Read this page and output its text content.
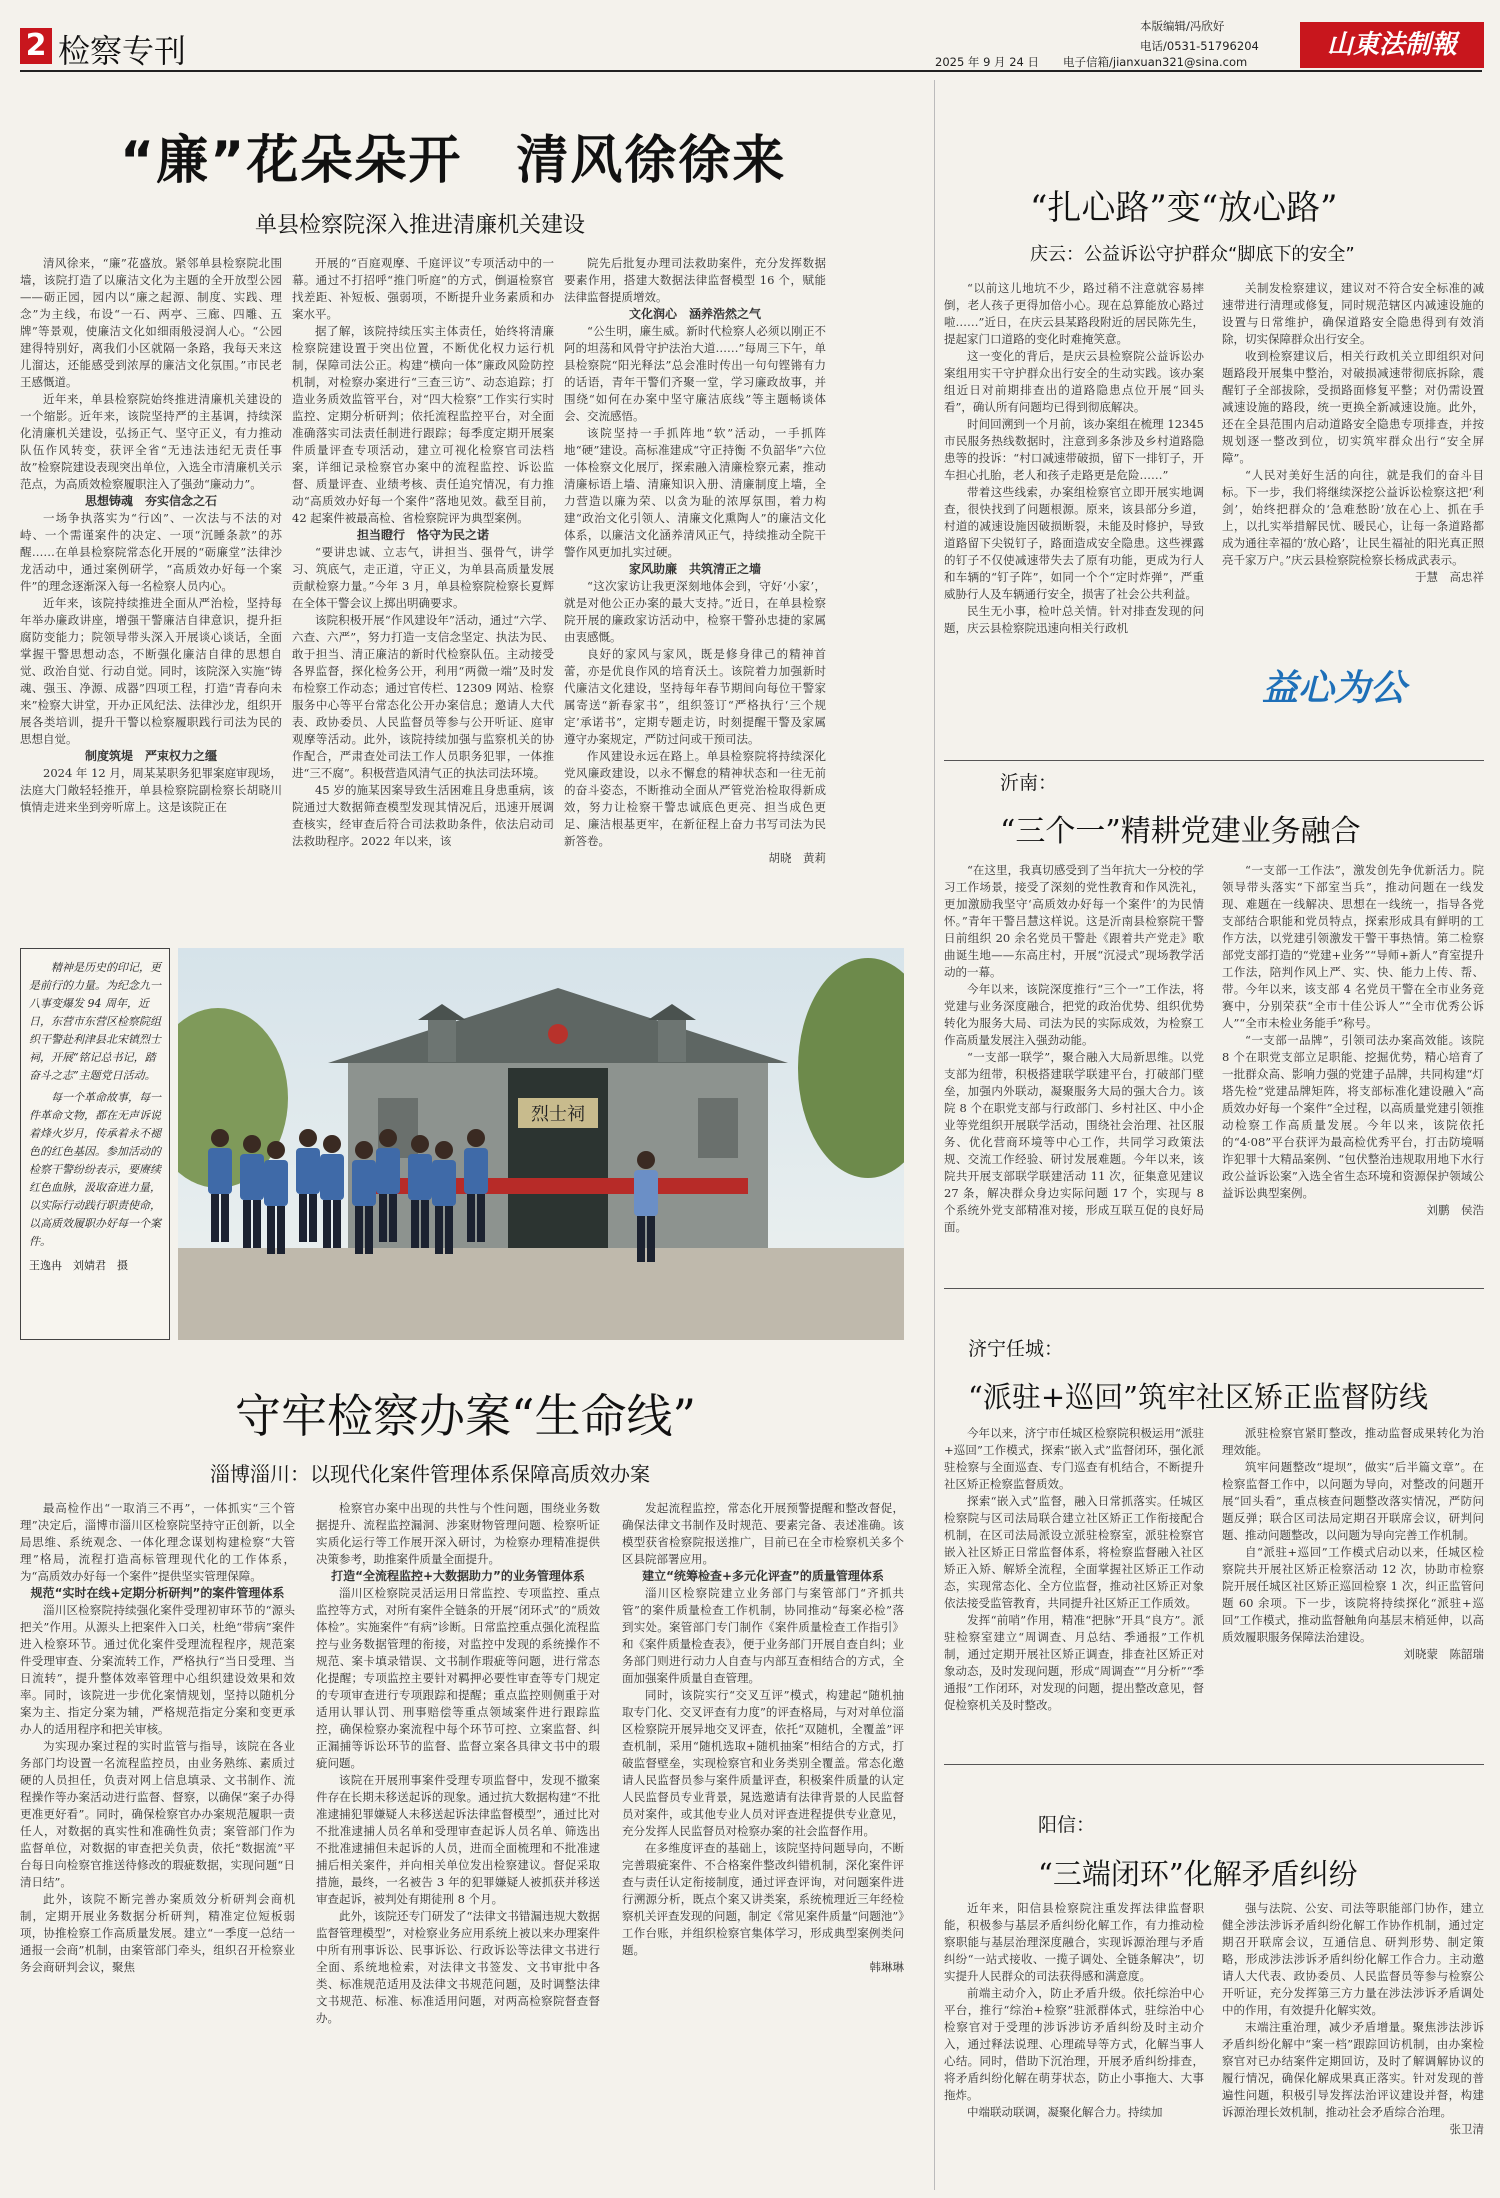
2 检察专刊
本版编辑/冯欣好
电话/0531-51796204
2025 年 9 月 24 日 电子信箱/jianxuan321@sina.com
山東法制報
“廉”花朵朵开　清风徐徐来
单县检察院深入推进清廉机关建设

清风徐来，“廉”花盛放。紧邻单县检察院北围墙，该院打造了以廉洁文化为主题的全开放型公园——砺正园，园内以“廉之起源、制度、实践、理念”为主线，布设“一石、两亭、三廊、四雕、五牌”等景观，使廉洁文化如细雨般浸润人心。“公园建得特别好，离我们小区就隔一条路，我每天来这儿溜达，还能感受到浓厚的廉洁文化氛围。”市民老王感慨道。

近年来，单县检察院始终推进清廉机关建设的一个缩影。近年来，该院坚持严的主基调，持续深化清廉机关建设，弘扬正气、坚守正义，有力推动队伍作风转变，获评全省“无违法违纪无责任事故”检察院建设表现突出单位，入选全市清廉机关示范点，为高质效检察履职注入了强劲“廉动力”。

思想铸魂　夯实信念之石

一场争执落实为“行凶”、一次法与不法的对峙、一个需谨案件的决定、一项“沉睡条款”的苏醒……在单县检察院常态化开展的“砺廉堂”法律沙龙活动中，通过案例研学，“高质效办好每一个案件”的理念逐渐深入每一名检察人员内心。

近年来，该院持续推进全面从严治检，坚持每年举办廉政讲座，增强干警廉洁自律意识，提升拒腐防变能力；院领导带头深入开展谈心谈话，全面掌握干警思想动态，不断强化廉洁自律的思想自觉、政治自觉、行动自觉。同时，该院深入实施“铸魂、强玉、净源、成器”四项工程，打造“青春向未来”检察大讲堂，开办正风纪法、法律沙龙，组织开展各类培训，提升干警以检察履职践行司法为民的思想自觉。

制度筑堤　严束权力之缰

2024 年 12 月，周某某职务犯罪案庭审现场，法庭大门敞轻轻推开，单县检察院副检察长胡晓川慎情走进来坐到旁听席上。这是该院正在

开展的“百庭观摩、千庭评议”专项活动中的一幕。通过不打招呼“推门听庭”的方式，倒逼检察官找差距、补短板、强弱项，不断提升业务素质和办案水平。

据了解，该院持续压实主体责任，始终将清廉检察院建设置于突出位置，不断优化权力运行机制，保障司法公正。构建“横向一体”廉政风险防控机制，对检察办案进行“三查三访”、动态追踪；打造业务质效监管平台，对“四大检察”工作实行实时监控、定期分析研判；依托流程监控平台，对全面准确落实司法责任制进行跟踪；每季度定期开展案件质量评查专项活动，建立可视化检察官司法档案，详细记录检察官办案中的流程监控、诉讼监督、质量评查、业绩考核、责任追究情况，有力推动“高质效办好每一个案件”落地见效。截至目前，42 起案件被最高检、省检察院评为典型案例。

担当瞪行　恪守为民之诺

“要讲忠诚、立志气，讲担当、强骨气，讲学习、筑底气，走正道，守正义，为单县高质量发展贡献检察力量。”今年 3 月，单县检察院检察长夏辉在全体干警会议上掷出明确要求。

该院积极开展“作风建设年”活动，通过“六学、六查、六严”，努力打造一支信念坚定、执法为民、敢于担当、清正廉洁的新时代检察队伍。主动接受各界监督，探化检务公开，利用“两微一端”及时发布检察工作动态；通过官传栏、12309 网站、检察服务中心等平台常态化公开办案信息；邀请人大代表、政协委员、人民监督员等参与公开听证、庭审观摩等活动。此外，该院持续加强与监察机关的协作配合，严肃查处司法工作人员职务犯罪，一体推进“三不腐”。积极营造风清气正的执法司法环境。

45 岁的施某因案导致生活困难且身患重病，该院通过大数据筛查模型发现其情况后，迅速开展调查核实，经审查后符合司法救助条件，依法启动司法救助程序。2022 年以来，该

院先后批复办理司法救助案件，充分发挥数据要素作用，搭建大数据法律监督模型 16 个，赋能法律监督提质增效。

文化润心　涵养浩然之气

“公生明，廉生威。新时代检察人必须以刚正不阿的坦荡和风骨守护法治大道……”每周三下午，单县检察院“阳光释法”总会准时传出一句句铿锵有力的话语，青年干警们齐聚一堂，学习廉政故事，并围绕“如何在办案中坚守廉洁底线”等主题畅谈体会、交流感悟。

该院坚持一手抓阵地“软”活动，一手抓阵地“硬”建设。高标准建成“守正持衡 不负韶华”六位一体检察文化展厅，探索融入清廉检察元素，推动清廉标语上墙、清廉知识入册、清廉制度上墙，全力营造以廉为荣、以贪为耻的浓厚氛围，着力构建“政治文化引领人、清廉文化熏陶人”的廉洁文化体系，以廉洁文化涵养清风正气，持续推动全院干警作风更加扎实过硬。

家风助廉　共筑清正之墙

“这次家访让我更深刻地体会到，守好‘小家’，就是对他公正办案的最大支持。”近日，在单县检察院开展的廉政家访活动中，检察干警孙忠捷的家属由衷感慨。

良好的家风与家风，既是修身律己的精神首蕾，亦是优良作风的培育沃土。该院着力加强新时代廉洁文化建设，坚持每年春节期间向每位干警家属寄送“新春家书”，组织签订“严格执行‘三个规定’承诺书”，定期专题走访，时刻提醒干警及家属遵守办案规定，严防过问或干预司法。

作风建设永远在路上。单县检察院将持续深化党风廉政建设，以永不懈怠的精神状态和一往无前的奋斗姿态，不断推动全面从严管党治检取得新成效，努力让检察干警忠诚底色更亮、担当成色更足、廉洁根基更牢，在新征程上奋力书写司法为民新答卷。

胡晓　黄莉

精神是历史的印记，更是前行的力量。为纪念九一八事变爆发 94 周年，近日，东营市东营区检察院组织干警赴利津县北宋镇烈士祠，开展“铭记总书记，踏奋斗之志”主题党日活动。
每一个革命故事，每一件革命文物，都在无声诉说着烽火岁月，传承着永不褪色的红色基因。参加活动的检察干警纷纷表示，要赓续红色血脉，汲取奋进力量，以实际行动践行职责使命，以高质效履职办好每一个案件。
王逸冉　刘婧君　摄
烈士祠
守牢检察办案“生命线”
淄博淄川：以现代化案件管理体系保障高质效办案

最高检作出“一取消三不再”，一体抓实“三个管理”决定后，淄博市淄川区检察院坚持守正创新，以全局思维、系统观念、一体化理念谋划构建检察“大管理”格局，流程打造高标管理现代化的工作体系，为“高质效办好每一个案件”提供坚实管理保障。

规范“实时在线+定期分析研判”的案件管理体系

淄川区检察院持续强化案件受理初审环节的“源头把关”作用。从源头上把案件入口关，杜绝“带病”案件进入检察环节。通过优化案件受理流程程序，规范案件受理审查、分案流转工作，严格执行“当日受理、当日流转”，提升整体效率管理中心组织建设效果和效率。同时，该院进一步优化案情规划，坚持以随机分案为主、指定分案为辅，严格规范指定分案和变更承办人的适用程序和把关审核。

为实现办案过程的实时监管与指导，该院在各业务部门均设置一名流程监控员，由业务熟练、素质过硬的人员担任，负责对网上信息填录、文书制作、流程操作等办案活动进行监督、督察，以确保“案子办得更准更好看”。同时，确保检察官办办案规范履职一责任人，对数据的真实性和准确性负责；案管部门作为监督单位，对数据的审查把关负责，依托“数据流”平台每日向检察官推送待修改的瑕疵数据，实现问题“日清日结”。

此外，该院不断完善办案质效分析研判会商机制，定期开展业务数据分析研判，精准定位短板弱项，协推检察工作高质量发展。建立“一季度一总结一通报一会商”机制，由案管部门牵头，组织召开检察业务会商研判会议，聚焦

检察官办案中出现的共性与个性问题，围绕业务数据提升、流程监控漏洞、涉案财物管理问题、检察听证实质化运行等工作展开深入研讨，为检察办理精准提供决策参考，助推案件质量全面提升。

打造“全流程监控+大数据助力”的业务管理体系

淄川区检察院灵活运用日常监控、专项监控、重点监控等方式，对所有案件全链条的开展“闭环式”的“质效体检”。实施案件“有病”诊断。日常监控重点强化流程监控与业务数据管理的衔接，对监控中发现的系统操作不规范、案卡填录错误、文书制作瑕疵等问题，进行常态化提醒；专项监控主要针对羁押必要性审查等专门规定的专项审查进行专项跟踪和提醒；重点监控则侧重于对适用认罪认罚、刑事赔偿等重点领域案件进行跟踪监控，确保检察办案流程中每个环节可控、立案监督、纠正漏捕等诉讼环节的监督、监督立案各具律文书中的瑕疵问题。

该院在开展刑事案件受理专项监督中，发现不撤案件存在长期未移送起诉的现象。通过抗大数据构建“不批准逮捕犯罪嫌疑人未移送起诉法律监督模型”，通过比对不批准逮捕人员名单和受理审查起诉人员名单、筛选出不批准逮捕但未起诉的人员，进而全面梳理和不批准逮捕后相关案件，并向相关单位发出检察建议。督促采取措施，最终，一名被告 3 年的犯罪嫌疑人被抓获并移送审查起诉，被判处有期徒刑 8 个月。

此外，该院还专门研发了“法律文书错漏违规大数据监督管理模型”，对检察业务应用系统上被以来办理案件中所有刑事诉讼、民事诉讼、行政诉讼等法律文书进行全面、系统地检索，对法律文书签发、文书审批中各类、标准规范适用及法律文书规范问题，及时调整法律文书规范、标准、标准适用问题，对两高检察院督查督办。

发起流程监控，常态化开展预警提醒和整改督促，确保法律文书制作及时规范、要素完备、表述准确。该模型获省检察院报送推广，目前已在全市检察机关多个区县院部署应用。

建立“统筹检查+多元化评查”的质量管理体系

淄川区检察院建立业务部门与案管部门“齐抓共管”的案件质量检查工作机制，协同推动“每案必检”落到实处。案管部门专门制作《案件质量检查工作指引》和《案件质量检查表》，便于业务部门开展自查自纠；业务部门则进行动力人自查与内部互查相结合的方式，全面加强案件质量自查管理。

同时，该院实行“交叉互评”模式，构建起“随机抽取专门化、交叉评查有力度”的评查格局，与对对单位淄区检察院开展异地交叉评查，依托“双随机，全覆盖”评查机制，采用“随机选取+随机抽案”相结合的方式，打破监督壁垒，实现检察官和业务类别全覆盖。常态化邀请人民监督员参与案件质量评查，积极案件质量的认定人民监督员专业背景，晁选邀请有法律背景的人民监督员对案件，或其他专业人员对评查进程提供专业意见，充分发挥人民监督员对检察办案的社会监督作用。

在多维度评查的基础上，该院坚持问题导向，不断完善瑕疵案件、不合格案件整改纠错机制，深化案件评查与责任认定衔接制度，通过评查评询，对问题案件进行溯源分析，既点个案又讲类案，系统梳理近三年经检察机关评查发现的问题，制定《常见案件质量“问题池”》工作台账，并组织检察官集体学习，形成典型案例类问题。

韩琳琳

“扎心路”变“放心路”
庆云：公益诉讼守护群众“脚底下的安全”

“以前这儿地坑不少，路过稍不注意就容易摔倒，老人孩子更得加倍小心。现在总算能放心路过啦……”近日，在庆云县某路段附近的居民陈先生，提起家门口道路的变化时难掩笑意。

这一变化的背后，是庆云县检察院公益诉讼办案组用实干守护群众出行安全的生动实践。该办案组近日对前期排查出的道路隐患点位开展“回头看”，确认所有问题均已得到彻底解决。

时间回溯到一个月前，该办案组在梳理 12345 市民服务热线数据时，注意到多条涉及乡村道路隐患等的投诉：“村口减速带破损，留下一排钉子，开车担心扎胎，老人和孩子走路更是危险……”

带着这些线索，办案组检察官立即开展实地调查，很快找到了问题根源。原来，该县部分乡道，村道的减速设施因破损断裂，未能及时修护，导致道路留下尖锐钉子，路面造成安全隐患。这些裸露的钉子不仅使减速带失去了原有功能，更成为行人和车辆的“钉子阵”，如同一个个“定时炸弹”，严重威胁行人及车辆通行安全，损害了社会公共利益。

民生无小事，检叶总关情。针对排查发现的问题，庆云县检察院迅速向相关行政机

关制发检察建议，建议对不符合安全标准的减速带进行清理或修复，同时规范辖区内减速设施的设置与日常维护，确保道路安全隐患得到有效消除，切实保障群众出行安全。

收到检察建议后，相关行政机关立即组织对问题路段开展集中整治，对破损减速带彻底拆除，震醒钉子全部拔除，受损路面修复平整；对仍需设置减速设施的路段，统一更换全新减速设施。此外，还在全县范围内启动道路安全隐患专项排查，并按规划逐一整改到位，切实筑牢群众出行“安全屏障”。

“人民对美好生活的向往，就是我们的奋斗目标。下一步，我们将继续深挖公益诉讼检察这把‘利剑’，始终把群众的‘急难愁盼’放在心上、抓在手上，以扎实举措解民忧、暖民心，让每一条道路都成为通往幸福的‘放心路’，让民生福祉的阳光真正照亮千家万户。”庆云县检察院检察长杨成武表示。

于慧　高忠祥

益心为公
沂南：
“三个一”精耕党建业务融合

“在这里，我真切感受到了当年抗大一分校的学习工作场景，接受了深刻的党性教育和作风洗礼，更加激励我坚守‘高质效办好每一个案件’的为民情怀。”青年干警吕慧这样说。这是沂南县检察院干警日前组织 20 余名党员干警赴《跟着共产党走》歌曲诞生地——东高庄村，开展“沉浸式”现场教学活动的一幕。

今年以来，该院深度推行“三个一”工作法，将党建与业务深度融合，把党的政治优势、组织优势转化为服务大局、司法为民的实际成效，为检察工作高质量发展注入强劲动能。

“一支部一联学”，聚合融入大局新思维。以党支部为纽带，积极搭建联学联建平台，打破部门壁垒，加强内外联动，凝聚服务大局的强大合力。该院 8 个在职党支部与行政部门、乡村社区、中小企业等党组织开展联学活动，围绕社会治理、社区服务、优化营商环境等中心工作，共同学习政策法规、交流工作经验、研讨发展难题。今年以来，该院共开展支部联学联建活动 11 次，征集意见建议 27 条，解决群众身边实际问题 17 个，实现与 8 个系统外党支部精准对接，形成互联互促的良好局面。

“一支部一工作法”，激发创先争优新活力。院领导带头落实“下部室当兵”，推动问题在一线发现、难题在一线解决、思想在一线统一，指导各党支部结合职能和党员特点，探索形成具有鲜明的工作方法，以党建引领激发干警干事热情。第二检察部党支部打造的“党建+业务”“导师+新人”育室提升工作法，陪判作风上严、实、快、能力上传、帮、带。今年以来，该支部 4 名党员干警在全市业务竞赛中，分别荣获“全市十佳公诉人”“全市优秀公诉人”“全市未检业务能手”称号。

“一支部一品牌”，引领司法办案高效能。该院 8 个在职党支部立足职能、挖掘优势，精心培育了一批群众高、影响力强的党建子品牌，共同构建“灯塔先检”党建品牌矩阵，将支部标准化建设融入“高质效办好每一个案件”全过程，以高质量党建引领推动检察工作高质量发展。今年以来，该院依托的“4·08”平台获评为最高检优秀平台，打击防境嗝诈犯罪十大精品案例、“包伏整治违规取用地下水行政公益诉讼案”入选全省生态环境和资源保护领域公益诉讼典型案例。

刘鹏　侯浩

济宁任城：
“派驻+巡回”筑牢社区矫正监督防线

今年以来，济宁市任城区检察院积极运用“派驻+巡回”工作模式，探索“嵌入式”监督闭环，强化派驻检察与全面巡查、专门巡查有机结合，不断提升社区矫正检察监督质效。

探索“嵌入式”监督，融入日常抓落实。任城区检察院与区司法局联合建立社区矫正工作衔接配合机制，在区司法局派设立派驻检察室，派驻检察官嵌入社区矫正日常监督体系，将检察监督融入社区矫正入矫、解矫全流程，全面掌握社区矫正工作动态，实现常态化、全方位监督，推动社区矫正对象依法接受监管教育，共同提升社区矫正工作质效。

发挥“前哨”作用，精准“把脉”开具“良方”。派驻检察室建立“周调查、月总结、季通报”工作机制，通过定期开展社区矫正调查，排查社区矫正对象动态，及时发现问题，形成“周调查”“月分析”“季通报”工作闭环，对发现的问题，提出整改意见，督促检察机关及时整改。

派驻检察官紧盯整改，推动监督成果转化为治理效能。

筑牢问题整改“堤坝”，做实“后半篇文章”。在检察监督工作中，以问题为导向，对整改的问题开展“回头看”，重点核查问题整改落实情况，严防问题反弹；联合区司法局定期召开联席会议，研判问题、推动问题整改，以问题为导向完善工作机制。

自“派驻+巡回”工作模式启动以来，任城区检察院共开展社区矫正检察活动 12 次，协助市检察院开展任城区社区矫正巡回检察 1 次，纠正监管问题 60 余项。下一步，该院将持续探化“派驻+巡回”工作模式，推动监督触角向基层末梢延伸，以高质效履职服务保障法治建设。

刘晓蒙　陈韶瑞

阳信：
“三端闭环”化解矛盾纠纷

近年来，阳信县检察院注重发挥法律监督职能，积极参与基层矛盾纠纷化解工作，有力推动检察职能与基层治理深度融合，实现诉源治理与矛盾纠纷“一站式接收、一揽子调处、全链条解决”，切实提升人民群众的司法获得感和满意度。

前端主动介入，防止矛盾升级。依托综治中心平台，推行“综治+检察”驻派群体式，驻综治中心检察官对于受理的涉诉涉访矛盾纠纷及时主动介入，通过释法说理、心理疏导等方式，化解当事人心结。同时，借助下沉治理，开展矛盾纠纷排查，将矛盾纠纷化解在萌芽状态，防止小事拖大、大事拖炸。

中端联动联调，凝聚化解合力。持续加

强与法院、公安、司法等职能部门协作，建立健全涉法涉诉矛盾纠纷化解工作协作机制，通过定期召开联席会议，互通信息、研判形势、制定策略，形成涉法涉诉矛盾纠纷化解工作合力。主动邀请人大代表、政协委员、人民监督员等参与检察公开听证，充分发挥第三方力量在涉法涉诉矛盾调处中的作用，有效提升化解实效。

末端注重治理，减少矛盾增量。聚焦涉法涉诉矛盾纠纷化解中“案一档”跟踪回访机制，由办案检察官对已办结案件定期回访，及时了解调解协议的履行情况，确保化解成果真正落实。针对发现的普遍性问题，积极引导发挥法治评议建设并督，构建诉源治理长效机制，推动社会矛盾综合治理。

张卫清
